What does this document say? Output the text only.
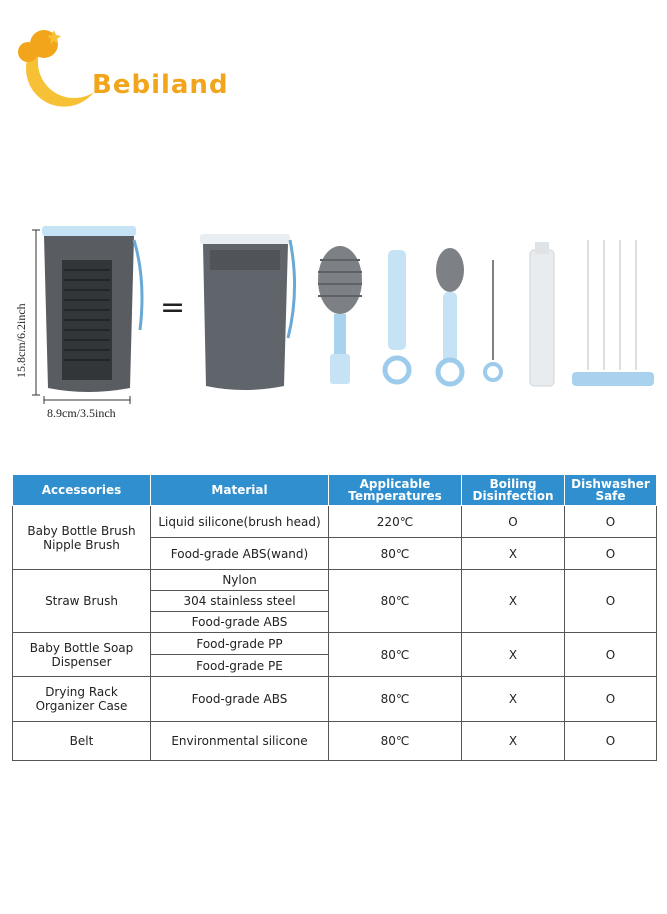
Bebiland
15.8cm/6.2inch
8.9cm/3.5inch
=
Accessories	Material	Applicable Temperatures	Boiling Disinfection	Dishwasher Safe
Baby Bottle Brush Nipple Brush	Liquid silicone(brush head)	220℃	O	O
	Food-grade ABS(wand)	80℃	X	O
Straw Brush	Nylon	80℃	X	O
	304 stainless steel			
	Food-grade ABS			
Baby Bottle Soap Dispenser	Food-grade PP	80℃	X	O
	Food-grade PE			
Drying Rack Organizer Case	Food-grade ABS	80℃	X	O
Belt	Environmental silicone	80℃	X	O
